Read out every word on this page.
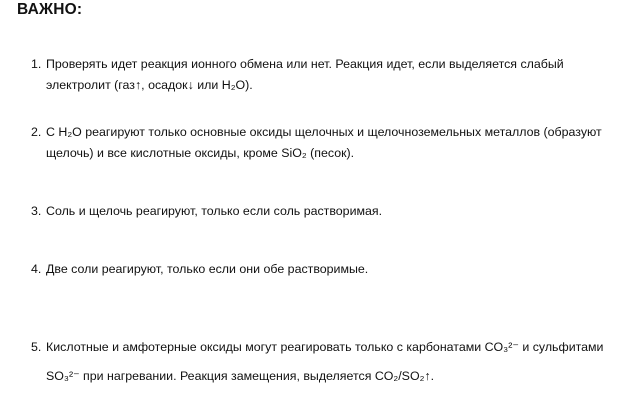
ВАЖНО:
1. Проверять идет реакция ионного обмена или нет. Реакция идет, если выделяется слабый
электролит (газ↑, осадок↓ или H₂O).
2. С H₂O реагируют только основные оксиды щелочных и щелочноземельных металлов (образуют
щелочь) и все кислотные оксиды, кроме SiO₂ (песок).
3. Соль и щелочь реагируют, только если соль растворимая.
4. Две соли реагируют, только если они обе растворимые.
5. Кислотные и амфотерные оксиды могут реагировать только с карбонатами CO₃²⁻ и сульфитами
SO₃²⁻ при нагревании. Реакция замещения, выделяется CO₂/SO₂↑.
